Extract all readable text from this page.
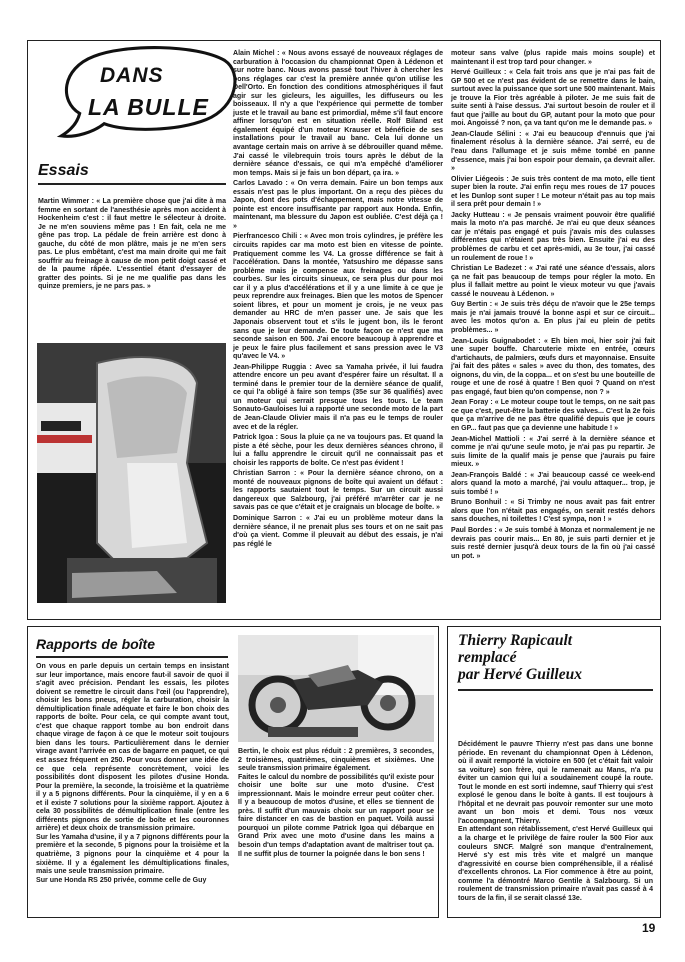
DANS
LA BULLE
Essais

Martin Wimmer : « La première chose que j'ai dite à ma femme en sortant de l'anesthésie après mon accident à Hockenheim c'est : il faut mettre le sélecteur à droite. Je ne m'en souviens même pas ! En fait, cela ne me gêne pas trop. La pédale de frein arrière est donc à gauche, du côté de mon plâtre, mais je ne m'en sers pas. Le plus embêtant, c'est ma main droite qui me fait souffrir au freinage à cause de mon petit doigt cassé et de la paume râpée. L'essentiel étant d'essayer de gratter des points. Si je ne me qualifie pas dans les quinze premiers, je ne pars pas. »

Alain Michel : « Nous avons essayé de nouveaux réglages de carburation à l'occasion du championnat Open à Lédenon et sur notre banc. Nous avons passé tout l'hiver à chercher les bons réglages car c'est la première année qu'on utilise les Dell'Orto. En fonction des conditions atmosphériques il faut agir sur les gicleurs, les aiguilles, les diffuseurs ou les boisseaux. Il n'y a que l'expérience qui permette de tomber juste et le travail au banc est primordial, même s'il faut encore affiner lorsqu'on est en situation réelle. Rolf Biland est également équipé d'un moteur Krauser et bénéficie de ses installations pour le travail au banc. Cela lui donne un avantage certain mais on arrive à se débrouiller quand même. J'ai cassé le vilebrequin trois tours après le début de la dernière séance d'essais, ce qui m'a empêché d'améliorer mon temps. Mais si je fais un bon départ, ça ira. »

Carlos Lavado : « On verra demain. Faire un bon temps aux essais n'est pas le plus important. On a reçu des pièces du Japon, dont des pots d'échappement, mais notre vitesse de pointe est encore insuffisante par rapport aux Honda. Enfin, maintenant, ma blessure du Japon est oubliée. C'est déjà ça ! »

Pierfrancesco Chili : « Avec mon trois cylindres, je préfère les circuits rapides car ma moto est bien en vitesse de pointe. Pratiquement comme les V4. La grosse différence se fait à l'accélération. Dans la montée, Yatsushiro me dépasse sans problème mais je compense aux freinages ou dans les courbes. Sur les circuits sinueux, ce sera plus dur pour moi car il y a plus d'accélérations et il y a une limite à ce que je peux reprendre aux freinages. Bien que les motos de Spencer soient libres, et pour un moment je crois, je ne veux pas demander au HRC de m'en passer une. Je sais que les Japonais observent tout et s'ils le jugent bon, ils le feront sans que je leur demande. De toute façon ce n'est que ma seconde saison en 500. J'ai encore beaucoup à apprendre et je peux le faire plus facilement et sans pression avec le V3 qu'avec le V4. »

Jean-Philippe Ruggia : Avec sa Yamaha privée, il lui faudra attendre encore un peu avant d'espérer faire un résultat. Il a terminé dans le premier tour de la dernière séance de qualif, ce qui l'a obligé à faire son temps (35e sur 36 qualifiés) avec un moteur qui serrait presque tous les tours. Le team Sonauto-Gauloises lui a rapporté une seconde moto de la part de Jean-Claude Olivier mais il n'a pas eu le temps de rouler avec et de la régler.

Patrick Igoa : Sous la pluie ça ne va toujours pas. Et quand la piste a été sèche, pour les deux dernières séances chrono, il lui a fallu apprendre le circuit qu'il ne connaissait pas et choisir les rapports de boîte. Ce n'est pas évident !

Christian Sarron : « Pour la dernière séance chrono, on a monté de nouveaux pignons de boîte qui avaient un défaut : les rapports sautaient tout le temps. Sur un circuit aussi dangereux que Salzbourg, j'ai préféré m'arrêter car je ne savais pas ce que c'était et je craignais un blocage de boîte. »

Dominique Sarron : « J'ai eu un problème moteur dans la dernière séance, il ne prenait plus ses tours et on ne sait pas d'où ça vient. Comme il pleuvait au début des essais, je n'ai pas réglé le

moteur sans valve (plus rapide mais moins souple) et maintenant il est trop tard pour changer. »

Hervé Guilleux : « Cela fait trois ans que je n'ai pas fait de GP 500 et ce n'est pas évident de se remettre dans le bain, surtout avec la puissance que sort une 500 maintenant. Mais je trouve la Fior très agréable à piloter. Je me suis fait de suite senti à l'aise dessus. J'ai surtout besoin de rouler et il faut que j'aille au bout du GP, autant pour la moto que pour moi. Angoissé ? non, ça va tant qu'on me le demande pas. »

Jean-Claude Sélini : « J'ai eu beaucoup d'ennuis que j'ai finalement résolus à la dernière séance. J'ai serré, eu de l'eau dans l'allumage et je suis même tombé en panne d'essence, mais j'ai bon espoir pour demain, ça devrait aller. »

Olivier Liégeois : Je suis très content de ma moto, elle tient super bien la route. J'ai enfin reçu mes roues de 17 pouces et les Dunlop sont super ! Le moteur n'était pas au top mais il sera prêt pour demain ! »

Jacky Hutteau : « Je pensais vraiment pouvoir être qualifié mais la moto n'a pas marché. Je n'ai eu que deux séances car je n'étais pas engagé et puis j'avais mis des culasses différentes qui n'étaient pas très bien. Ensuite j'ai eu des problèmes de carbu et cet après-midi, au 3e tour, j'ai cassé un roulement de roue ! »

Christian Le Badezet : « J'ai raté une séance d'essais, alors ça ne fait pas beaucoup de temps pour régler la moto. En plus il fallait mettre au point le vieux moteur vu que j'avais cassé le nouveau à Lédenon. »

Guy Bertin : « Je suis très déçu de n'avoir que le 25e temps mais je n'ai jamais trouvé la bonne aspi et sur ce circuit... avec les motos qu'on a. En plus j'ai eu plein de petits problèmes... »

Jean-Louis Guignabodet : « Eh bien moi, hier soir j'ai fait une super bouffe. Charcuterie mixte en entrée, cœurs d'artichauts, de palmiers, œufs durs et mayonnaise. Ensuite j'ai fait des pâtes « sales » avec du thon, des tomates, des oignons, du vin, de la coppa... et on s'est bu une bouteille de rouge et une de rosé à quatre ! Ben quoi ? Quand on n'est pas engagé, faut bien qu'on compense, non ? »

Jean Foray : « Le moteur coupe tout le temps, on ne sait pas ce que c'est, peut-être la batterie des valves... C'est la 2e fois que ça m'arrive de ne pas être qualifié depuis que je cours en GP... faut pas que ça devienne une habitude ! »

Jean-Michel Mattioli : « J'ai serré à la dernière séance et comme je n'ai qu'une seule moto, je n'ai pas pu repartir. Je suis limite de la qualif mais je pense que j'aurais pu faire mieux. »

Jean-François Baldé : « J'ai beaucoup cassé ce week-end alors quand la moto a marché, j'ai voulu attaquer... trop, je suis tombé ! »

Bruno Bonhuil : « Si Trimby ne nous avait pas fait entrer alors que l'on n'était pas engagés, on serait restés dehors sans douches, ni toilettes ! C'est sympa, non ! »

Paul Bordes : « Je suis tombé à Monza et normalement je ne devrais pas courir mais... En 80, je suis parti dernier et je suis resté dernier jusqu'à deux tours de la fin où j'ai cassé un pot. »

Rapports de boîte
On vous en parle depuis un certain temps en insistant sur leur importance, mais encore faut-il savoir de quoi il s'agit avec précision. Pendant les essais, les pilotes doivent se remettre le circuit dans l'œil (ou l'apprendre), choisir les bons pneus, régler la carburation, choisir la démultiplication finale adéquate et faire le bon choix des rapports de boîte. Pour cela, ce qui compte avant tout, c'est que chaque rapport tombe au bon endroit dans chaque virage de façon à ce que le moteur soit toujours bien dans les tours. Particulièrement dans le dernier virage avant l'arrivée en cas de bagarre en paquet, ce qui est assez fréquent en 250. Pour vous donner une idée de ce que cela représente concrètement, voici les possibilités dont disposent les pilotes d'usine Honda. Pour la première, la seconde, la troisième et la quatrième il y a 5 pignons différents. Pour la cinquième, il y en a 6 et il existe 7 solutions pour la sixième rapport. Ajoutez à cela 30 possibilités de démultiplication finale (entre les différents pignons de sortie de boîte et les couronnes arrière) et deux choix de transmission primaire.
Sur les Yamaha d'usine, il y a 7 pignons différents pour la première et la seconde, 5 pignons pour la troisième et la quatrième, 3 pignons pour la cinquième et 4 pour la sixième. Il y a également les démultiplications finales, mais une seule transmission primaire.
Sur une Honda RS 250 privée, comme celle de Guy
Bertin, le choix est plus réduit : 2 premières, 3 secondes, 2 troisièmes, quatrièmes, cinquièmes et sixièmes. Une seule transmission primaire également.
Faites le calcul du nombre de possibilités qu'il existe pour choisir une boîte sur une moto d'usine. C'est impressionnant. Mais le moindre erreur peut coûter cher. Il y a beaucoup de motos d'usine, et elles se tiennent de près. Il suffit d'un mauvais choix sur un rapport pour se faire distancer en cas de bastion en paquet. Voilà aussi pourquoi un pilote comme Patrick Igoa qui débarque en Grand Prix avec une moto d'usine dans les mains a besoin d'un temps d'adaptation avant de maîtriser tout ça. Il ne suffit plus de tourner la poignée dans le bon sens !
Thierry Rapicault
remplacé
par Hervé Guilleux
Décidément le pauvre Thierry n'est pas dans une bonne période. En revenant du championnat Open à Lédenon, où il avait remporté la victoire en 500 (et c'était fait valoir sa voiture) son frère, qui le ramenait au Mans, n'a pu éviter un camion qui lui a soudainement coupé la route. Tout le monde en est sorti indemne, sauf Thierry qui s'est explosé le genou dans le boîte à gants. Il est toujours à l'hôpital et ne devrait pas pouvoir remonter sur une moto avant un bon mois et demi. Tous nos vœux l'accompagnent, Thierry.
En attendant son rétablissement, c'est Hervé Guilleux qui a la charge et le privilège de faire rouler la 500 Fior aux couleurs SNCF. Malgré son manque d'entraînement, Hervé s'y est mis très vite et malgré un manque d'agressivité en course bien compréhensible, il a réalisé d'excellents chronos. La Fior commence à être au point, comme l'a démontré Marco Gentile à Salzbourg. Si un roulement de transmission primaire n'avait pas cassé à 4 tours de la fin, il se serait classé 13e.
19
